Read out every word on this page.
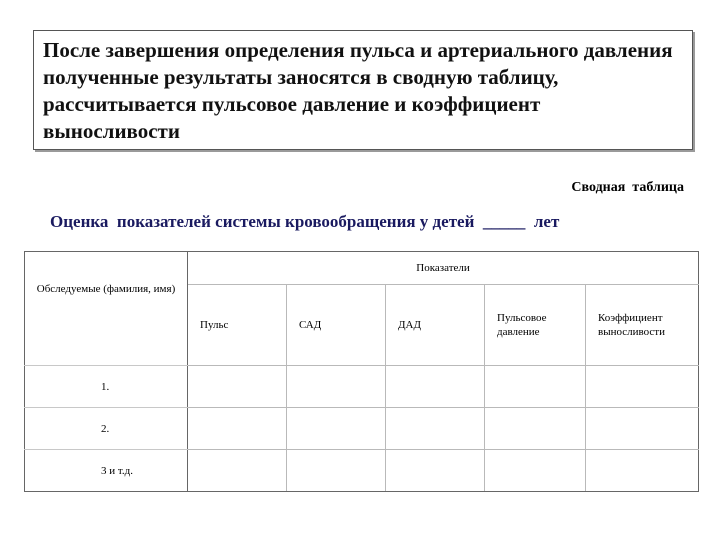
После завершения определения пульса и артериального давления полученные результаты заносятся в сводную таблицу, рассчитывается пульсовое давление и коэффициент выносливости

Сводная  таблица
Оценка  показателей системы кровообращения у детей  _____  лет
Обследуемые (фамилия, имя)	Показатели				
	Пульс	САД	ДАД	Пульсовое давление	Коэффициент выносливости
1.					
2.					
3 и т.д.					
